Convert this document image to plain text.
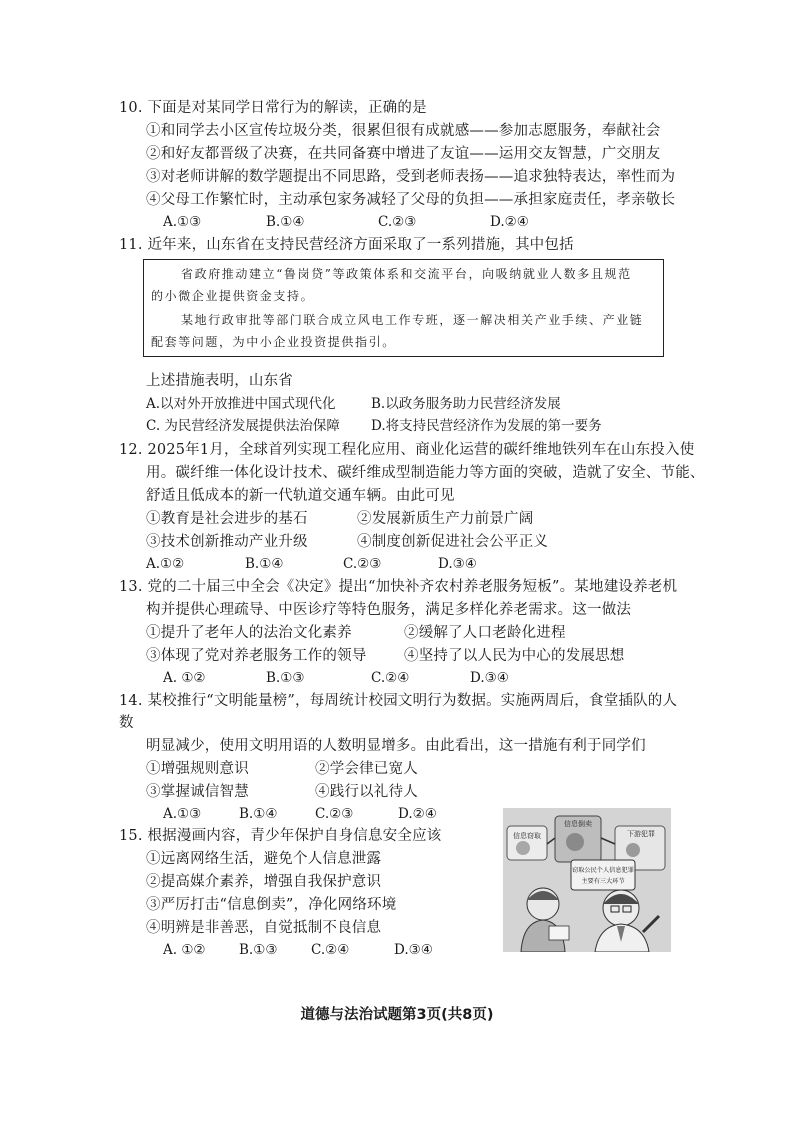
10. 下面是对某同学日常行为的解读，正确的是
①和同学去小区宣传垃圾分类，很累但很有成就感——参加志愿服务，奉献社会
②和好友都晋级了决赛，在共同备赛中增进了友谊——运用交友智慧，广交朋友
③对老师讲解的数学题提出不同思路，受到老师表扬——追求独特表达，率性而为
④父母工作繁忙时，主动承包家务减轻了父母的负担——承担家庭责任，孝亲敬长
A.①③	B.①④	C.②③	D.②④
11. 近年来，山东省在支持民营经济方面采取了一系列措施，其中包括
省政府推动建立“鲁岗贷”等政策体系和交流平台，向吸纳就业人数多且规范
的小微企业提供资金支持。
某地行政审批等部门联合成立风电工作专班，逐一解决相关产业手续、产业链
配套等问题，为中小企业投资提供指引。
上述措施表明，山东省
A.以对外开放推进中国式现代化	B.以政务服务助力民营经济发展
C. 为民营经济发展提供法治保障 D.将支持民营经济作为发展的第一要务
12. 2025年1月，全球首列实现工程化应用、商业化运营的碳纤维地铁列车在山东投入使
用。碳纤维一体化设计技术、碳纤维成型制造能力等方面的突破，造就了安全、节能、
舒适且低成本的新一代轨道交通车辆。由此可见
①教育是社会进步的基石	②发展新质生产力前景广阔
③技术创新推动产业升级	④制度创新促进社会公平正义
A.①②	B.①④	C.②③	D.③④
13. 党的二十届三中全会《决定》提出“加快补齐农村养老服务短板”。某地建设养老机
构并提供心理疏导、中医诊疗等特色服务，满足多样化养老需求。这一做法
①提升了老年人的法治文化素养	②缓解了人口老龄化进程
③体现了党对养老服务工作的领导	④坚持了以人民为中心的发展思想
A. ①②	B.①③	C.②④	D.③④
14. 某校推行“文明能量榜”，每周统计校园文明行为数据。实施两周后，食堂插队的人
数
明显减少，使用文明用语的人数明显增多。由此看出，这一措施有利于同学们
①增强规则意识	②学会律已宽人
③掌握诚信智慧	④践行以礼待人
A.①③	B.①④	C.②③	D.②④
15. 根据漫画内容，青少年保护自身信息安全应该
①远离网络生活，避免个人信息泄露
②提高媒介素养，增强自我保护意识
③严厉打击“信息倒卖”，净化网络环境
④明辨是非善恶，自觉抵制不良信息
A. ①② B.①③ C.②④	D.③④
信息窃取
信息倒卖
下游犯罪
窃取公民个人信息犯罪
主要有三大环节
道德与法治试题第3页(共8页)
